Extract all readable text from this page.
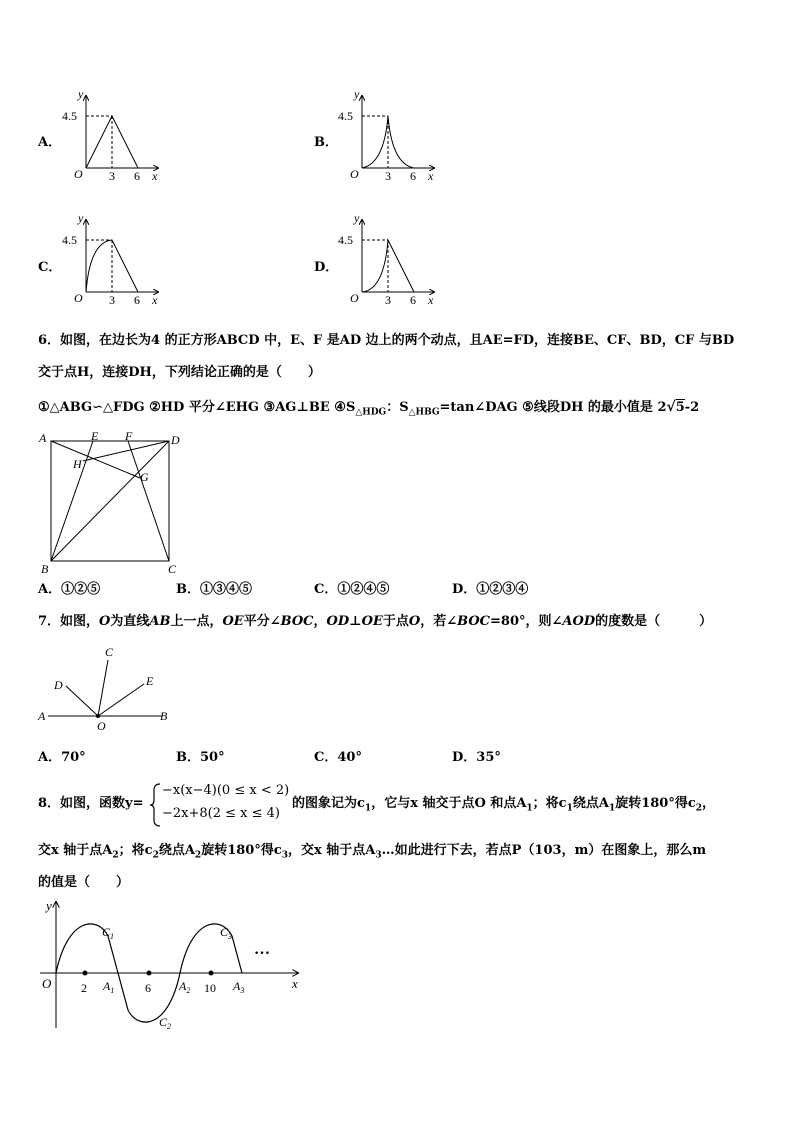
A．
y
4.5
O 3 6 x
B．
y
4.5
O 3 6 x
C．
y
4.5
O 3 6 x
D．
y
4.5
O 3 6 x
6．如图，在边长为4 的正方形ABCD 中，E、F 是AD 边上的两个动点，且AE=FD，连接BE、CF、BD，CF 与BD
交于点H，连接DH，下列结论正确的是（　　）
①△ABG∽△FDG ②HD 平分∠EHG ③AG⊥BE $④S_{\triangle HDG}$：$S_{\triangle HBG}=\tan\angle DAG$ ⑤线段DH 的最小值是 2√5-2
A	E F	D
H
G
B	C
A．①②⑤	B．①③④⑤	C．①②④⑤	D．①②③④
7．如图，O为直线AB上一点，OE平分∠BOC，OD⊥OE于点O，若∠BOC=80°，则∠AOD的度数是（　　　）
C
D	E
A
O
B
A．70°	B．50°	C．40°	D．35°
8．如图，函数y=
−x(x−4)(0 ≤ x < 2)
−2x+8(2 ≤ x ≤ 4)
的图象记为$c_1$，它与x 轴交于点O 和点$A_1$；将$c_1$绕点$A_1$旋转180°得$c_2$，
交x 轴于点$A_2$；将$c_2$绕点$A_2$旋转180°得$c_3$，交x 轴于点$A_3\dots$如此进行下去，若点P（103，m）在图象上，那么m
的值是（　　）
y
x
O 2	6	10
$A_1$	$A_2$	$A_3$
$C_1$
$C_2$
$C_3$
…
